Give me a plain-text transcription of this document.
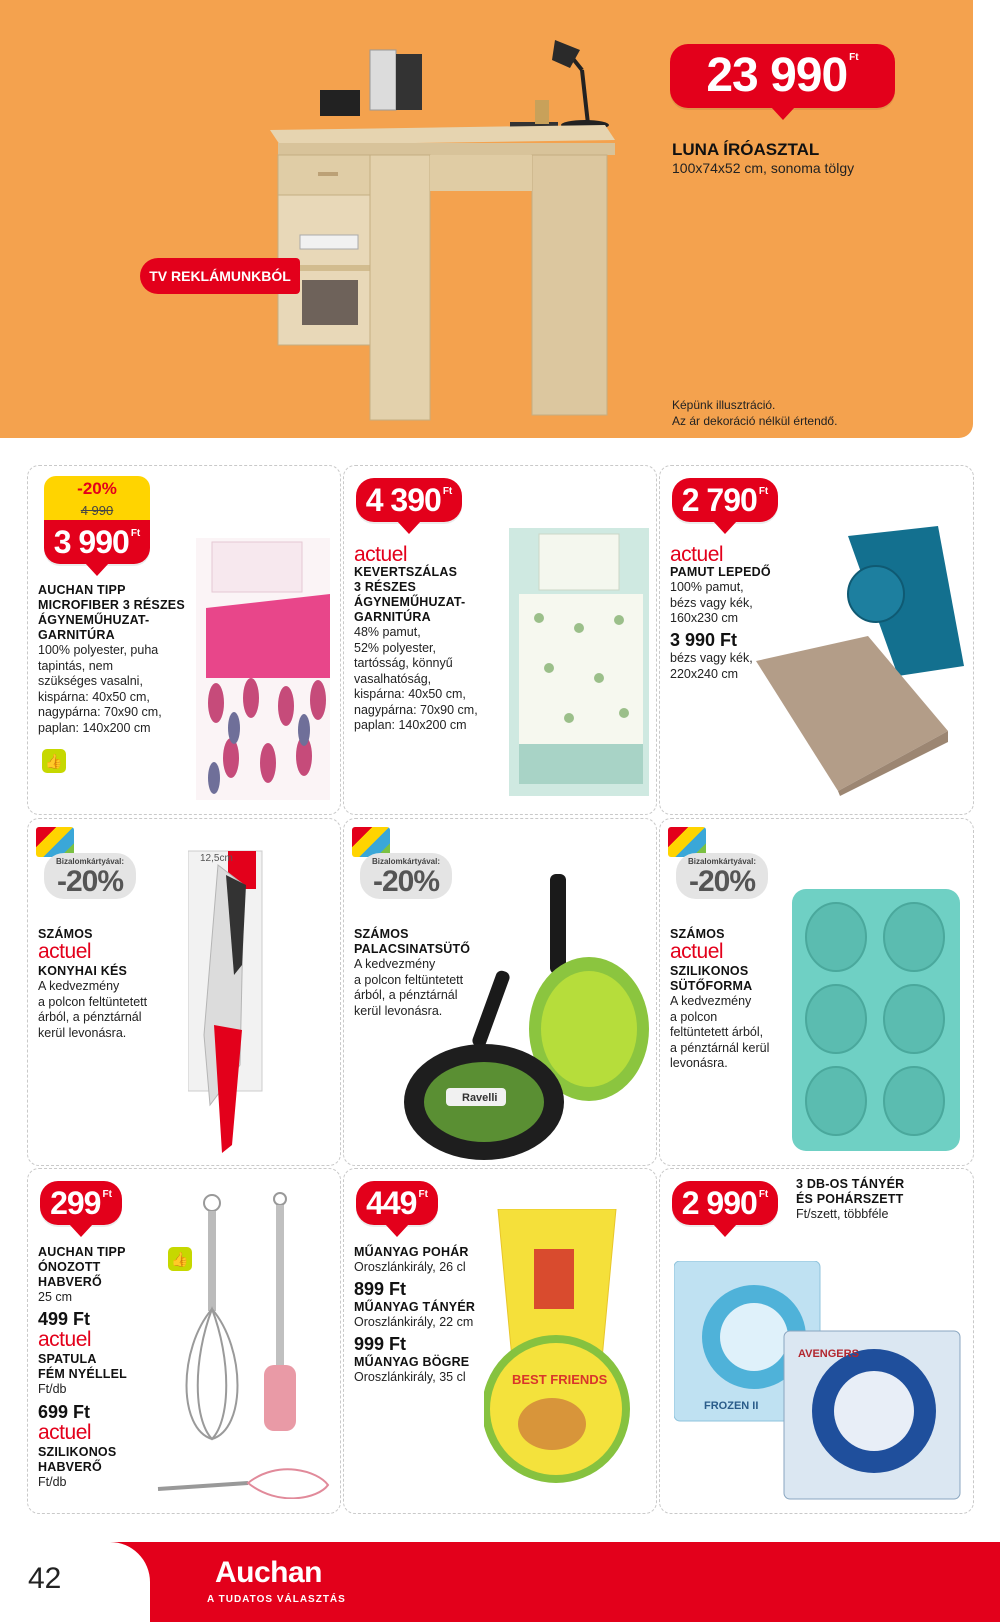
23 990 Ft
LUNA ÍRÓASZTAL
100x74x52 cm, sonoma tölgy
TV REKLÁMUNKBÓL
Képünk illusztráció.
Az ár dekoráció nélkül értendő.
-20%
4 990
3 990 Ft
AUCHAN TIPP
MICROFIBER 3 RÉSZES
ÁGYNEMŰHUZAT-
GARNITÚRA
100% polyester, puha
tapintás, nem
szükséges vasalni,
kispárna: 40x50 cm,
nagypárna: 70x90 cm,
paplan: 140x200 cm
👍
4 390 Ft
actuel
KEVERTSZÁLAS
3 RÉSZES
ÁGYNEMŰHUZAT-
GARNITÚRA
48% pamut,
52% polyester,
tartósság, könnyű
vasalhatóság,
kispárna: 40x50 cm,
nagypárna: 70x90 cm,
paplan: 140x200 cm
2 790 Ft
actuel
PAMUT LEPEDŐ
100% pamut,
bézs vagy kék,
160x230 cm
3 990 Ft
bézs vagy kék,
220x240 cm
Bizalomkártyával:
-20%
SZÁMOS
actuel
KONYHAI KÉS
A kedvezmény
a polcon feltüntetett
árból, a pénztárnál
kerül levonásra.
12,5cm	Bizalomkártyával:
-20%
SZÁMOS
PALACSINATSÜTŐ
A kedvezmény
a polcon feltüntetett
árból, a pénztárnál
kerül levonásra.
Ravelli
Bizalomkártyával:
-20%
SZÁMOS
actuel
SZILIKONOS
SÜTŐFORMA
A kedvezmény
a polcon
feltüntetett árból,
a pénztárnál kerül
levonásra.
299 Ft
AUCHAN TIPP
ÓNOZOTT
HABVERŐ
25 cm
👍
499 Ft
actuel
SPATULA
FÉM NYÉLLEL
Ft/db
699 Ft
actuel
SZILIKONOS
HABVERŐ
Ft/db
449 Ft
MŰANYAG POHÁR
Oroszlánkirály, 26 cl
899 Ft
MŰANYAG TÁNYÉR
Oroszlánkirály, 22 cm
999 Ft
MŰANYAG BÖGRE
Oroszlánkirály, 35 cl	BEST FRIENDS
2 990 Ft
3 DB-OS TÁNYÉR
ÉS POHÁRSZETT
Ft/szett, többféle
FROZEN II
AVENGERS
42	Auchan
A TUDATOS VÁLASZTÁS
